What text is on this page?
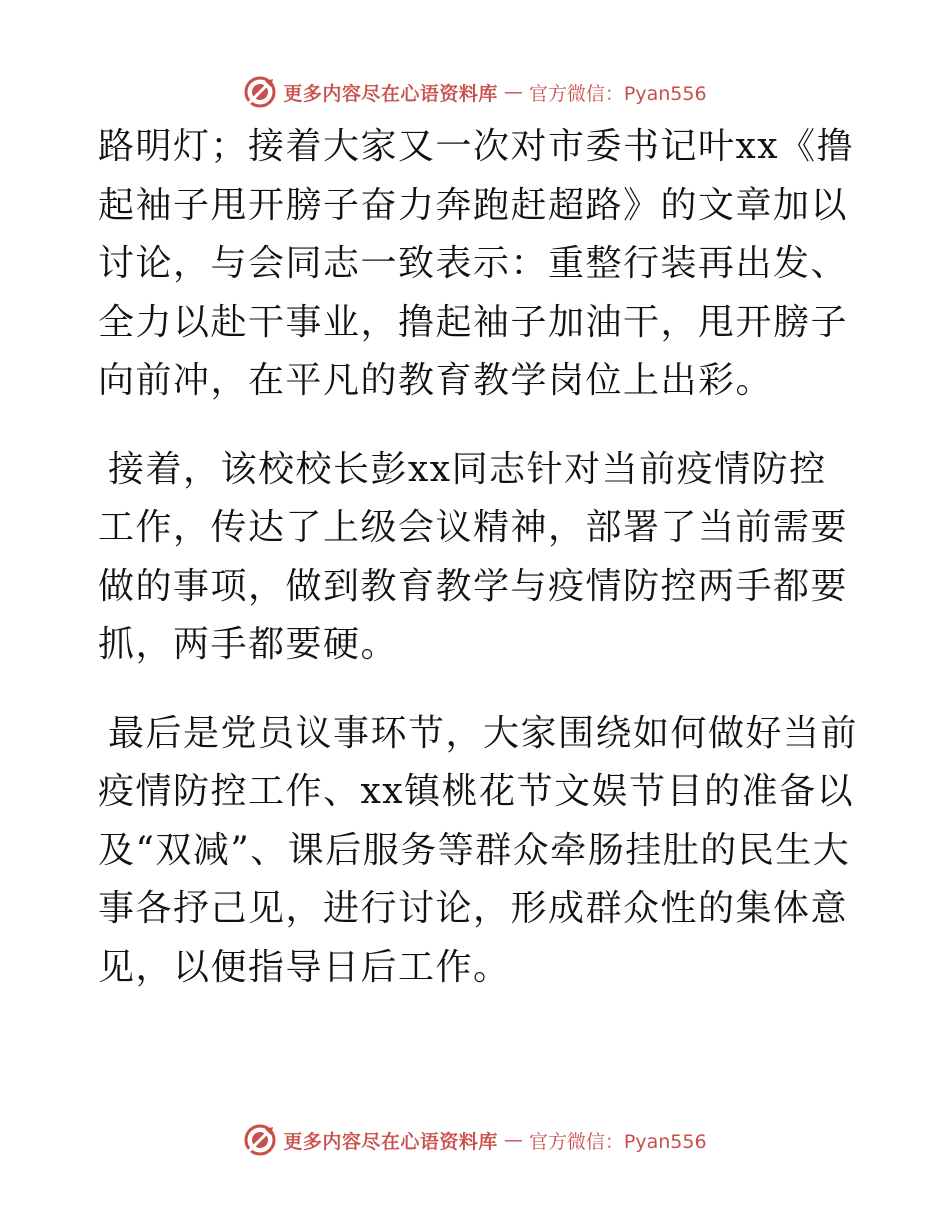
更多内容尽在心语资料库 — 官方微信：Pyan556

路明灯；接着大家又一次对市委书记叶xx《撸起袖子甩开膀子奋力奔跑赶超路》的文章加以讨论，与会同志一致表示：重整行装再出发、全力以赴干事业，撸起袖子加油干，甩开膀子向前冲，在平凡的教育教学岗位上出彩。

接着，该校校长彭xx同志针对当前疫情防控工作，传达了上级会议精神，部署了当前需要做的事项，做到教育教学与疫情防控两手都要抓，两手都要硬。

最后是党员议事环节，大家围绕如何做好当前疫情防控工作、xx镇桃花节文娱节目的准备以及“双减”、课后服务等群众牵肠挂肚的民生大事各抒己见，进行讨论，形成群众性的集体意见，以便指导日后工作。

更多内容尽在心语资料库 — 官方微信：Pyan556
